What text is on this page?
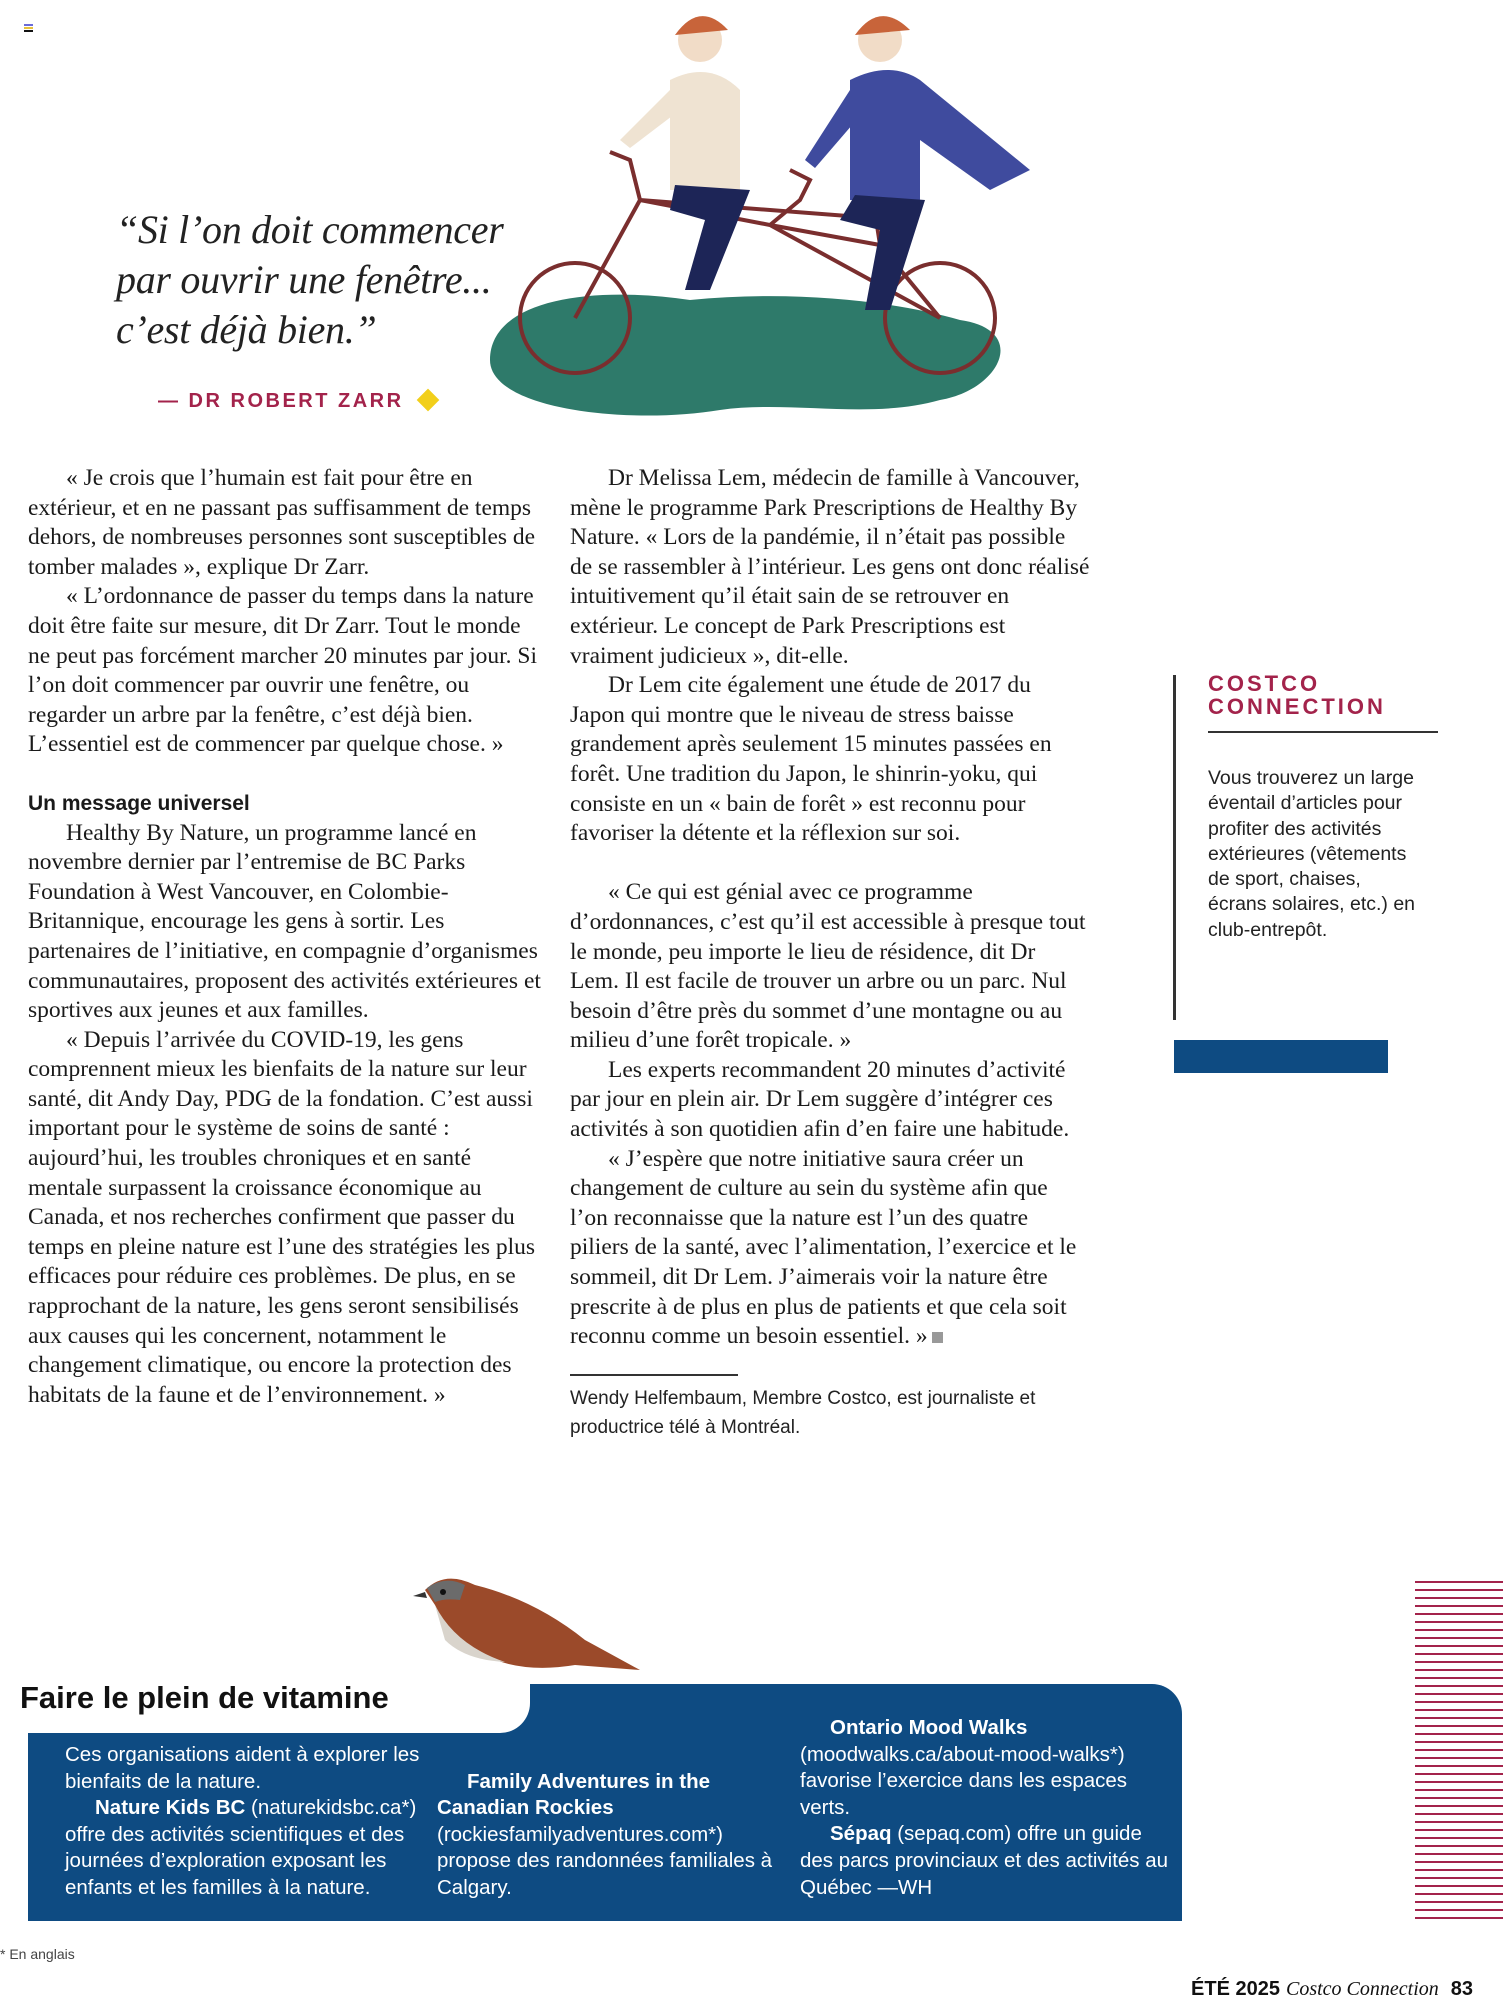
“Si l’on doit commencer
par ouvrir une fenêtre...
c’est déjà bien.”
— DR ROBERT ZARR

« Je crois que l’humain est fait pour être en extérieur, et en ne passant pas suffisamment de temps dehors, de nombreuses personnes sont susceptibles de tomber malades », explique Dr Zarr.

« L’ordonnance de passer du temps dans la nature doit être faite sur mesure, dit Dr Zarr. Tout le monde ne peut pas forcément marcher 20 minutes par jour. Si l’on doit commencer par ouvrir une fenêtre, ou regarder un arbre par la fenêtre, c’est déjà bien. L’essentiel est de commencer par quelque chose. »

Un message universel

Healthy By Nature, un programme lancé en novembre dernier par l’entremise de BC Parks Foundation à West Vancouver, en Colombie-Britannique, encourage les gens à sortir. Les partenaires de l’initiative, en compagnie d’organismes communautaires, proposent des activités extérieures et sportives aux jeunes et aux familles.

« Depuis l’arrivée du COVID-19, les gens comprennent mieux les bienfaits de la nature sur leur santé, dit Andy Day, PDG de la fondation. C’est aussi important pour le système de soins de santé : aujourd’hui, les troubles chroniques et en santé mentale surpassent la croissance économique au Canada, et nos recherches confirment que passer du temps en pleine nature est l’une des stratégies les plus efficaces pour réduire ces problèmes. De plus, en se rapprochant de la nature, les gens seront sensibilisés aux causes qui les concernent, notamment le changement climatique, ou encore la protection des habitats de la faune et de l’environnement. »

Dr Melissa Lem, médecin de famille à Vancouver, mène le programme Park Prescriptions de Healthy By Nature. « Lors de la pandémie, il n’était pas possible de se rassembler à l’intérieur. Les gens ont donc réalisé intuitivement qu’il était sain de se retrouver en extérieur. Le concept de Park Prescriptions est vraiment judicieux », dit-elle.

Dr Lem cite également une étude de 2017 du Japon qui montre que le niveau de stress baisse grandement après seulement 15 minutes passées en forêt. Une tradition du Japon, le shinrin-yoku, qui consiste en un « bain de forêt » est reconnu pour favoriser la détente et la réflexion sur soi.

« Ce qui est génial avec ce programme d’ordonnances, c’est qu’il est accessible à presque tout le monde, peu importe le lieu de résidence, dit Dr Lem. Il est facile de trouver un arbre ou un parc. Nul besoin d’être près du sommet d’une montagne ou au milieu d’une forêt tropicale. »

Les experts recommandent 20 minutes d’activité par jour en plein air. Dr Lem suggère d’intégrer ces activités à son quotidien afin d’en faire une habitude.

« J’espère que notre initiative saura créer un changement de culture au sein du système afin que l’on reconnaisse que la nature est l’un des quatre piliers de la santé, avec l’alimentation, l’exercice et le sommeil, dit Dr Lem. J’aimerais voir la nature être prescrite à de plus en plus de patients et que cela soit reconnu comme un besoin essentiel. »

Wendy Helfembaum, Membre Costco, est journaliste et productrice télé à Montréal.
COSTCO
CONNECTION
Vous trouverez un large éventail d’articles pour profiter des activités extérieures (vêtements de sport, chaises, écrans solaires, etc.) en club-entrepôt.
Faire le plein de vitamine

Ces organisations aident à explorer les bienfaits de la nature.

Nature Kids BC (naturekidsbc.ca*) offre des activités scientifiques et des journées d’exploration exposant les enfants et les familles à la nature.

Family Adventures in the Canadian Rockies (rockiesfamilyadventures.com*) propose des randonnées familiales à Calgary.

Ontario Mood Walks (moodwalks.ca/about-mood-walks*) favorise l’exercice dans les espaces verts.

Sépaq (sepaq.com) offre un guide des parcs provinciaux et des activités au Québec —WH

* En anglais
ÉTÉ 2025 Costco Connection 83
